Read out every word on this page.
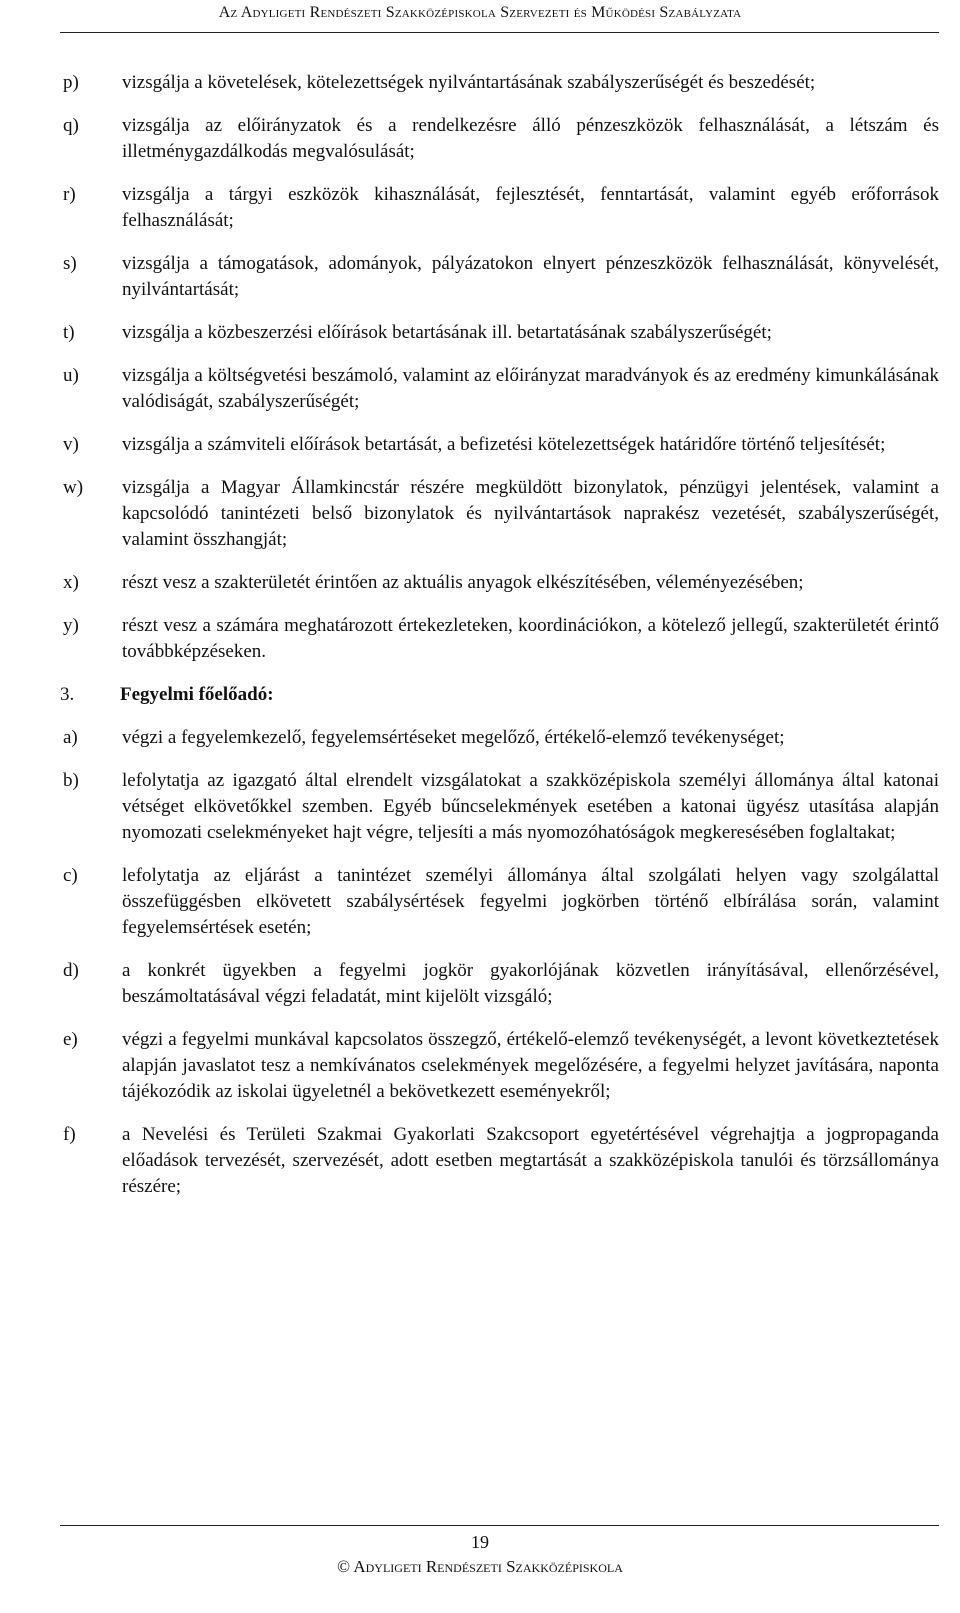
Az Adyligeti Rendészeti Szakközépiskola Szervezeti és Működési Szabályzata
p) vizsgálja a követelések, kötelezettségek nyilvántartásának szabályszerűségét és beszedését;
q) vizsgálja az előirányzatok és a rendelkezésre álló pénzeszközök felhasználását, a létszám és illetménygazdálkodás megvalósulását;
r) vizsgálja a tárgyi eszközök kihasználását, fejlesztését, fenntartását, valamint egyéb erőforrások felhasználását;
s) vizsgálja a támogatások, adományok, pályázatokon elnyert pénzeszközök felhasználását, könyvelését, nyilvántartását;
t) vizsgálja a közbeszerzési előírások betartásának ill. betartatásának szabályszerűségét;
u) vizsgálja a költségvetési beszámoló, valamint az előirányzat maradványok és az eredmény kimunkálásának valódiságát, szabályszerűségét;
v) vizsgálja a számviteli előírások betartását, a befizetési kötelezettségek határidőre történő teljesítését;
w) vizsgálja a Magyar Államkincstár részére megküldött bizonylatok, pénzügyi jelentések, valamint a kapcsolódó tanintézeti belső bizonylatok és nyilvántartások naprakész vezetését, szabályszerűségét, valamint összhangját;
x) részt vesz a szakterületét érintően az aktuális anyagok elkészítésében, véleményezésében;
y) részt vesz a számára meghatározott értekezleteken, koordinációkon, a kötelező jellegű, szakterületét érintő továbbképzéseken.
3. Fegyelmi főelőadó:
a) végzi a fegyelemkezelő, fegyelemsértéseket megelőző, értékelő-elemző tevékenységet;
b) lefolytatja az igazgató által elrendelt vizsgálatokat a szakközépiskola személyi állománya által katonai vétséget elkövetőkkel szemben. Egyéb bűncselekmények esetében a katonai ügyész utasítása alapján nyomozati cselekményeket hajt végre, teljesíti a más nyomozóhatóságok megkeresésében foglaltakat;
c) lefolytatja az eljárást a tanintézet személyi állománya által szolgálati helyen vagy szolgálattal összefüggésben elkövetett szabálysértések fegyelmi jogkörben történő elbírálása során, valamint fegyelemsértések esetén;
d) a konkrét ügyekben a fegyelmi jogkör gyakorlójának közvetlen irányításával, ellenőrzésével, beszámoltatásával végzi feladatát, mint kijelölt vizsgáló;
e) végzi a fegyelmi munkával kapcsolatos összegző, értékelő-elemző tevékenységét, a levont következtetések alapján javaslatot tesz a nemkívánatos cselekmények megelőzésére, a fegyelmi helyzet javítására, naponta tájékozódik az iskolai ügyeletnél a bekövetkezett eseményekről;
f) a Nevelési és Területi Szakmai Gyakorlati Szakcsoport egyetértésével végrehajtja a jogpropaganda előadások tervezését, szervezését, adott esetben megtartását a szakközépiskola tanulói és törzsállománya részére;
19
© Adyligeti Rendészeti Szakközépiskola
